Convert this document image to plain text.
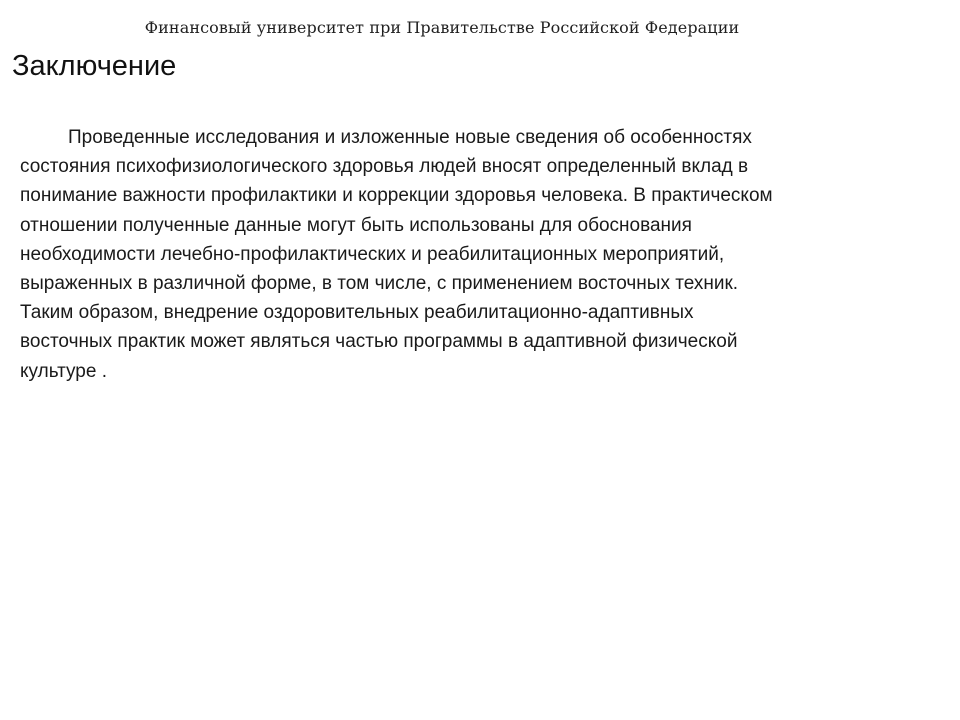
Финансовый университет при Правительстве Российской Федерации
Заключение
Проведенные исследования и изложенные новые сведения об особенностях
состояния психофизиологического здоровья людей вносят определенный вклад в
понимание важности профилактики и коррекции здоровья человека. В практическом
отношении полученные данные могут быть использованы для обоснования
необходимости лечебно-профилактических и реабилитационных мероприятий,
выраженных в различной форме, в том числе, с применением восточных техник.
Таким образом, внедрение оздоровительных реабилитационно-адаптивных
восточных практик может являться частью программы в адаптивной физической
культуре .
